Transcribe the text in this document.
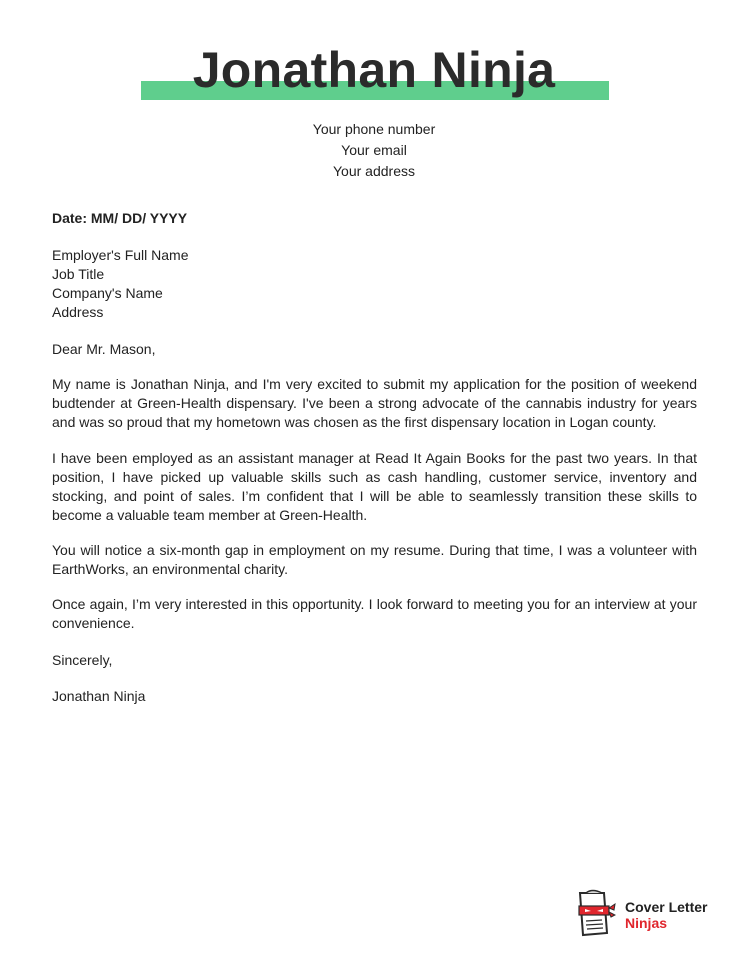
Jonathan Ninja
Your phone number
Your email
Your address
Date: MM/ DD/ YYYY
Employer's Full Name
Job Title
Company's Name
Address
Dear Mr. Mason,
My name is Jonathan Ninja, and I'm very excited to submit my application for the position of weekend budtender at Green-Health dispensary. I've been a strong advocate of the cannabis industry for years and was so proud that my hometown was chosen as the first dispensary location in Logan county.
I have been employed as an assistant manager at Read It Again Books for the past two years. In that position, I have picked up valuable skills such as cash handling, customer service, inventory and stocking, and point of sales. I’m confident that I will be able to seamlessly transition these skills to become a valuable team member at Green-Health.
You will notice a six-month gap in employment on my resume. During that time, I was a volunteer with EarthWorks, an environmental charity.
Once again, I’m very interested in this opportunity. I look forward to meeting you for an interview at your convenience.
Sincerely,
Jonathan Ninja
Cover Letter
Ninjas
